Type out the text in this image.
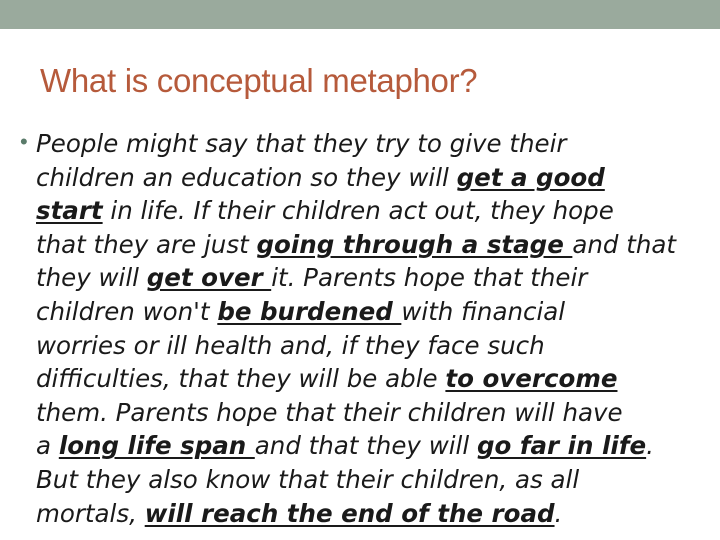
What is conceptual metaphor?
• People might say that they try to give their
children an education so they will get a good
start in life. If their children act out, they hope
that they are just going through a stage and that
they will get over it. Parents hope that their
children won't be burdened with financial
worries or ill health and, if they face such
difficulties, that they will be able to overcome
them. Parents hope that their children will have
a long life span and that they will go far in life.
But they also know that their children, as all
mortals, will reach the end of the road.
